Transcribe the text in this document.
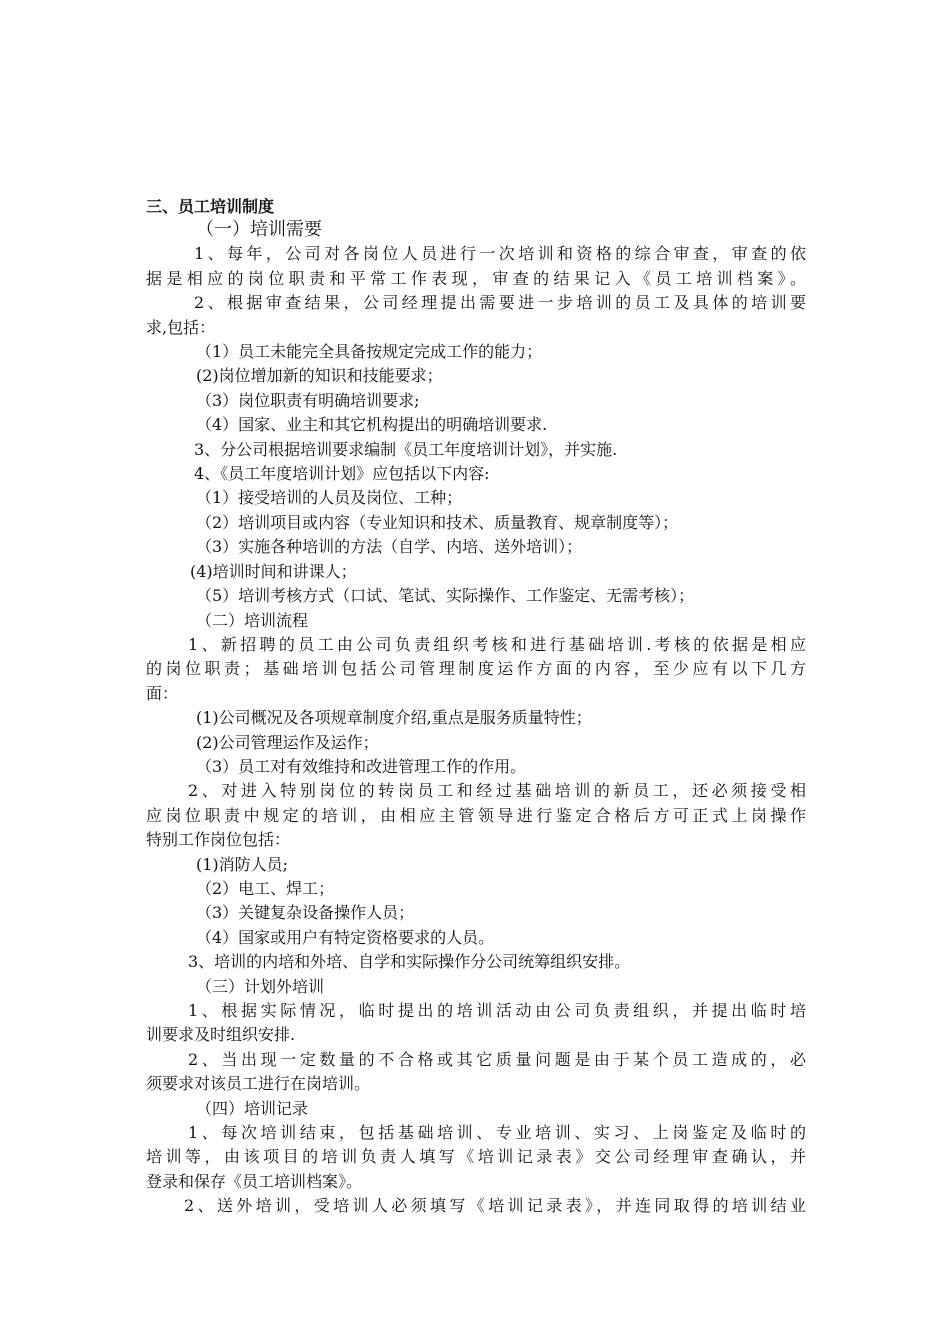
三、员工培训制度

（一）培训需要

1、每年，公司对各岗位人员进行一次培训和资格的综合审查，审查的依

据是相应的岗位职责和平常工作表现，审查的结果记入《员工培训档案》。

2、根据审查结果，公司经理提出需要进一步培训的员工及具体的培训要

求,包括：

（1）员工未能完全具备按规定完成工作的能力；

(2)岗位增加新的知识和技能要求；

（3）岗位职责有明确培训要求;

（4）国家、业主和其它机构提出的明确培训要求.

3、分公司根据培训要求编制《员工年度培训计划》，并实施.

4、《员工年度培训计划》应包括以下内容:

（1）接受培训的人员及岗位、工种；

（2）培训项目或内容（专业知识和技术、质量教育、规章制度等）；

（3）实施各种培训的方法（自学、内培、送外培训）；

(4)培训时间和讲课人；

（5）培训考核方式（口试、笔试、实际操作、工作鉴定、无需考核）；

（二）培训流程

1、新招聘的员工由公司负责组织考核和进行基础培训.考核的依据是相应

的岗位职责；基础培训包括公司管理制度运作方面的内容，至少应有以下几方

面：

(1)公司概况及各项规章制度介绍,重点是服务质量特性；

(2)公司管理运作及运作；

（3）员工对有效维持和改进管理工作的作用。

2、对进入特别岗位的转岗员工和经过基础培训的新员工，还必须接受相

应岗位职责中规定的培训，由相应主管领导进行鉴定合格后方可正式上岗操作

特别工作岗位包括：

(1)消防人员;

（2）电工、焊工；

（3）关键复杂设备操作人员；

（4）国家或用户有特定资格要求的人员。

3、培训的内培和外培、自学和实际操作分公司统筹组织安排。

（三）计划外培训

1、根据实际情况，临时提出的培训活动由公司负责组织，并提出临时培

训要求及时组织安排.

2、当出现一定数量的不合格或其它质量问题是由于某个员工造成的，必

须要求对该员工进行在岗培训。

（四）培训记录

1、每次培训结束，包括基础培训、专业培训、实习、上岗鉴定及临时的

培训等，由该项目的培训负责人填写《培训记录表》交公司经理审查确认，并

登录和保存《员工培训档案》。

2、送外培训，受培训人必须填写《培训记录表》，并连同取得的培训结业
